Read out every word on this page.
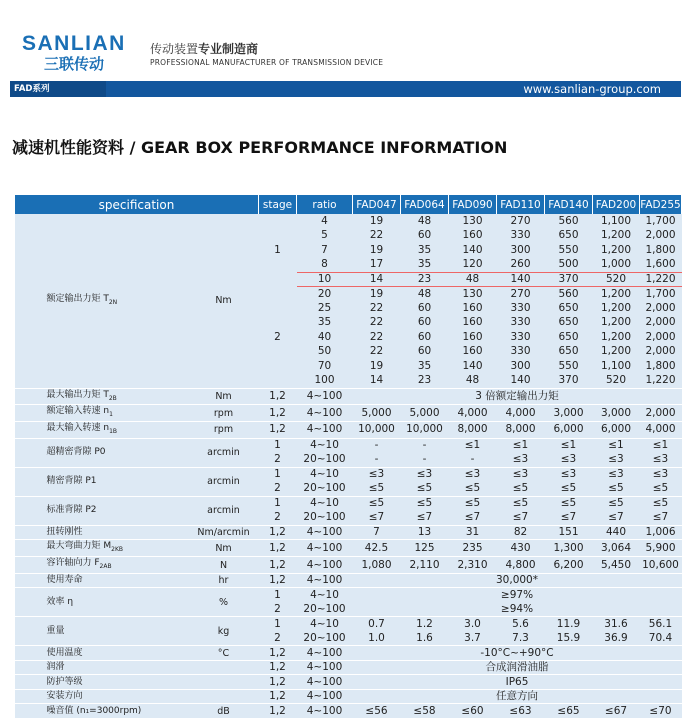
SANLIAN
三联传动
传动装置专业制造商
PROFESSIONAL MANUFACTURER OF TRANSMISSION DEVICE
FAD系列	www.sanlian-group.com
减速机性能资料 / GEAR BOX PERFORMANCE INFORMATION
specification		stage	ratio	FAD047	FAD064	FAD090	FAD110	FAD140	FAD200	FAD255
额定输出力矩 $T_{2N}$	Nm	1	4	19	48	130	270	560	1,100	1,700
			5	22	60	160	330	650	1,200	2,000
			7	19	35	140	300	550	1,200	1,800
			8	17	35	120	260	500	1,000	1,600
			10	14	23	48	140	370	520	1,220
		2	20	19	48	130	270	560	1,200	1,700
			25	22	60	160	330	650	1,200	2,000
			35	22	60	160	330	650	1,200	2,000
			40	22	60	160	330	650	1,200	2,000
			50	22	60	160	330	650	1,200	2,000
			70	19	35	140	300	550	1,100	1,800
			100	14	23	48	140	370	520	1,220
最大输出力矩 $T_{2B}$	Nm	1,2	4~100	3 倍额定输出力矩						
额定输入转速 $n_1$	rpm	1,2	4~100	5,000	5,000	4,000	4,000	3,000	3,000	2,000
最大输入转速 $n_{1B}$	rpm	1,2	4~100	10,000	10,000	8,000	8,000	6,000	6,000	4,000
超精密背隙 P0	arcmin	1	4~10	-	-	≤1	≤1	≤1	≤1	≤1
		2	20~100	-	-	-	≤3	≤3	≤3	≤3
精密背隙 P1	arcmin	1	4~10	≤3	≤3	≤3	≤3	≤3	≤3	≤3
		2	20~100	≤5	≤5	≤5	≤5	≤5	≤5	≤5
标准背隙 P2	arcmin	1	4~10	≤5	≤5	≤5	≤5	≤5	≤5	≤5
		2	20~100	≤7	≤7	≤7	≤7	≤7	≤7	≤7
扭转刚性	Nm/arcmin	1,2	4~100	7	13	31	82	151	440	1,006
最大弯曲力矩 $M_{2KB}$	Nm	1,2	4~100	42.5	125	235	430	1,300	3,064	5,900
容许轴向力 $F_{2AB}$	N	1,2	4~100	1,080	2,110	2,310	4,800	6,200	5,450	10,600
使用寿命	hr	1,2	4~100	30,000*						
效率 η	%	1	4~10	≥97%						
		2	20~100	≥94%						
重量	kg	1	4~10	0.7	1.2	3.0	5.6	11.9	31.6	56.1
		2	20~100	1.0	1.6	3.7	7.3	15.9	36.9	70.4
使用温度	°C	1,2	4~100	-10°C~+90°C						
润滑		1,2	4~100	合成润滑油脂						
防护等级		1,2	4~100	IP65						
安装方向		1,2	4~100	任意方向						
噪音值 (n₁=3000rpm)	dB	1,2	4~100	≤56	≤58	≤60	≤63	≤65	≤67	≤70
